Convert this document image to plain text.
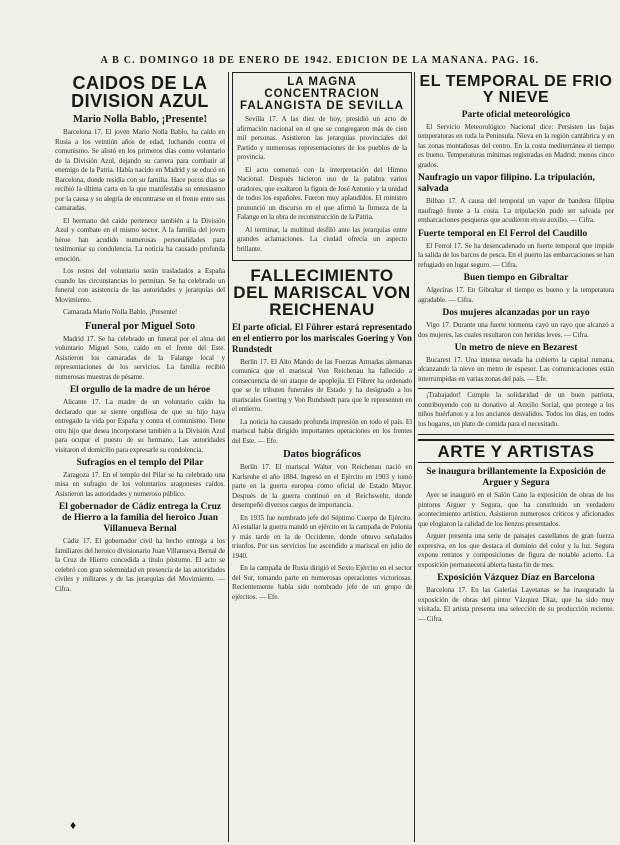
A B C. DOMINGO 18 DE ENERO DE 1942. EDICION DE LA MAÑANA. PAG. 16.
CAIDOS DE LA DIVISION AZUL
Mario Nolla Bablo, ¡Presente!

Barcelona 17. El joven Mario Nolla Bablo, ha caído en Rusia a los veintiún años de edad, luchando contra el comunismo. Se alistó en los primeros días como voluntario de la División Azul, dejando su carrera para combatir al enemigo de la Patria. Había nacido en Madrid y se educó en Barcelona, donde residía con su familia. Hace pocos días se recibió la última carta en la que manifestaba su entusiasmo por la causa y su alegría de encontrarse en el frente entre sus camaradas.

El hermano del caído pertenece también a la División Azul y combate en el mismo sector. A la familia del joven héroe han acudido numerosas personalidades para testimoniar su condolencia. La noticia ha causado profunda emoción.

Los restos del voluntario serán trasladados a España cuando las circunstancias lo permitan. Se ha celebrado un funeral con asistencia de las autoridades y jerarquías del Movimiento.

Camarada Mario Nolla Bablo, ¡Presente!

Funeral por Miguel Soto

Madrid 17. Se ha celebrado un funeral por el alma del voluntario Miguel Soto, caído en el frente del Este. Asistieron los camaradas de la Falange local y representaciones de los servicios. La familia recibió numerosas muestras de pésame.

El orgullo de la madre de un héroe

Alicante 17. La madre de un voluntario caído ha declarado que se siente orgullosa de que su hijo haya entregado la vida por España y contra el comunismo. Tiene otro hijo que desea incorporarse también a la División Azul para ocupar el puesto de su hermano. Las autoridades visitaron el domicilio para expresarle su condolencia.

Sufragios en el templo del Pilar

Zaragoza 17. En el templo del Pilar se ha celebrado una misa en sufragio de los voluntarios aragoneses caídos. Asistieron las autoridades y numeroso público.

El gobernador de Cádiz entrega la Cruz de Hierro a la familia del heroico Juan Villanueva Bernal

Cádiz 17. El gobernador civil ha hecho entrega a los familiares del heroico divisionario Juan Villanueva Bernal de la Cruz de Hierro concedida a título póstumo. El acto se celebró con gran solemnidad en presencia de las autoridades civiles y militares y de las jerarquías del Movimiento. — Cifra.

LA MAGNA CONCENTRACION FALANGISTA DE SEVILLA

Sevilla 17. A las diez de hoy, presidió un acto de afirmación nacional en el que se congregaron más de cien mil personas. Asistieron las jerarquías provinciales del Partido y numerosas representaciones de los pueblos de la provincia.

El acto comenzó con la interpretación del Himno Nacional. Después hicieron uso de la palabra varios oradores, que exaltaron la figura de José Antonio y la unidad de todos los españoles. Fueron muy aplaudidos. El ministro pronunció un discurso en el que afirmó la firmeza de la Falange en la obra de reconstrucción de la Patria.

Al terminar, la multitud desfiló ante las jerarquías entre grandes aclamaciones. La ciudad ofrecía un aspecto brillante.

FALLECIMIENTO DEL MARISCAL VON REICHENAU
El parte oficial. El Führer estará representado en el entierro por los mariscales Goering y Von Rundstedt

Berlín 17. El Alto Mando de las Fuerzas Armadas alemanas comunica que el mariscal Von Reichenau ha fallecido a consecuencia de un ataque de apoplejía. El Führer ha ordenado que se le tributen funerales de Estado y ha designado a los mariscales Goering y Von Rundstedt para que le representen en el entierro.

La noticia ha causado profunda impresión en todo el país. El mariscal había dirigido importantes operaciones en los frentes del Este. — Efe.

Datos biográficos

Berlín 17. El mariscal Walter von Reichenau nació en Karlsruhe el año 1884. Ingresó en el Ejército en 1903 y tomó parte en la guerra europea como oficial de Estado Mayor. Después de la guerra continuó en el Reichswehr, donde desempeñó diversos cargos de importancia.

En 1935 fue nombrado jefe del Séptimo Cuerpo de Ejército. Al estallar la guerra mandó un ejército en la campaña de Polonia y más tarde en la de Occidente, donde obtuvo señalados triunfos. Por sus servicios fue ascendido a mariscal en julio de 1940.

En la campaña de Rusia dirigió el Sexto Ejército en el sector del Sur, tomando parte en numerosas operaciones victoriosas. Recientemente había sido nombrado jefe de un grupo de ejércitos. — Efe.

EL TEMPORAL DE FRIO Y NIEVE
Parte oficial meteorológico

El Servicio Meteorológico Nacional dice: Persisten las bajas temperaturas en toda la Península. Nieva en la región cantábrica y en las zonas montañosas del centro. En la costa mediterránea el tiempo es bueno. Temperaturas mínimas registradas en Madrid: menos cinco grados.

Naufragio un vapor filipino. La tripulación, salvada

Bilbao 17. A causa del temporal un vapor de bandera filipina naufragó frente a la costa. La tripulación pudo ser salvada por embarcaciones pesqueras que acudieron en su auxilio. — Cifra.

Fuerte temporal en El Ferrol del Caudillo

El Ferrol 17. Se ha desencadenado un fuerte temporal que impide la salida de los barcos de pesca. En el puerto las embarcaciones se han refugiado en lugar seguro. — Cifra.

Buen tiempo en Gibraltar

Algeciras 17. En Gibraltar el tiempo es bueno y la temperatura agradable. — Cifra.

Dos mujeres alcanzadas por un rayo

Vigo 17. Durante una fuerte tormenta cayó un rayo que alcanzó a dos mujeres, las cuales resultaron con heridas leves. — Cifra.

Un metro de nieve en Bezarest

Bucarest 17. Una intensa nevada ha cubierto la capital rumana, alcanzando la nieve un metro de espesor. Las comunicaciones están interrumpidas en varias zonas del país. — Efe.

¡Trabajador! Cumple la solidaridad de un buen patriota, contribuyendo con tu donativo al Auxilio Social, que protege a los niños huérfanos y a los ancianos desvalidos. Todos los días, en todos los hogares, un plato de comida para el necesitado.

ARTE Y ARTISTAS
Se inaugura brillantemente la Exposición de Arguer y Segura

Ayer se inauguró en el Salón Cano la exposición de obras de los pintores Arguer y Segura, que ha constituido un verdadero acontecimiento artístico. Asistieron numerosos críticos y aficionados que elogiaron la calidad de los lienzos presentados.

Arguer presenta una serie de paisajes castellanos de gran fuerza expresiva, en los que destaca el dominio del color y la luz. Segura expone retratos y composiciones de figura de notable acierto. La exposición permanecerá abierta hasta fin de mes.

Exposición Vázquez Díaz en Barcelona

Barcelona 17. En las Galerías Layetanas se ha inaugurado la exposición de obras del pintor Vázquez Díaz, que ha sido muy visitada. El artista presenta una selección de su producción reciente. — Cifra.

♦
